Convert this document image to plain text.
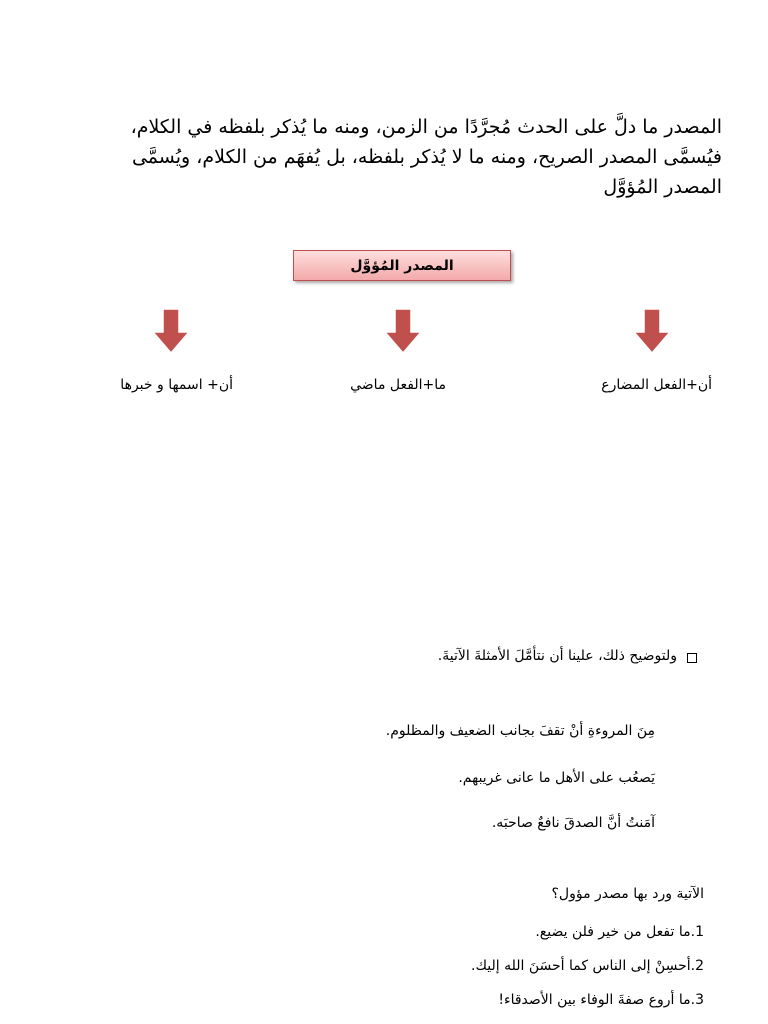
المصدر ما دلَّ على الحدث مُجرَّدًا من الزمن، ومنه ما يُذكر بلفظه في الكلام،

فيُسمَّى المصدر الصريح، ومنه ما لا يُذكر بلفظه، بل يُفهَم من الكلام، ويُسمَّى

المصدر المُؤوَّل

المصدر المُؤوَّل
أن+الفعل المضارع
ما+الفعل ماضي
أن+ اسمها و خبرها
ولتوضيح ذلك، علينا أن نتأمَّلَ الأمثلةَ الآتيةَ.
مِنَ المروءةِ أنْ تقفَ بجانب الضعيف والمظلوم.
يَصعُب على الأهل ما عانى غريبهم.
آمَنتُ أنَّ الصدقَ نافعٌ صاحبَه.
الآتية ورد بها مصدر مؤول؟
1.ما تفعل من خير فلن يضيع.
2.أحسِنْ إلى الناس كما أحسَنَ الله إليك.
3.ما أروع صفةَ الوفاء بين الأصدقاء!
